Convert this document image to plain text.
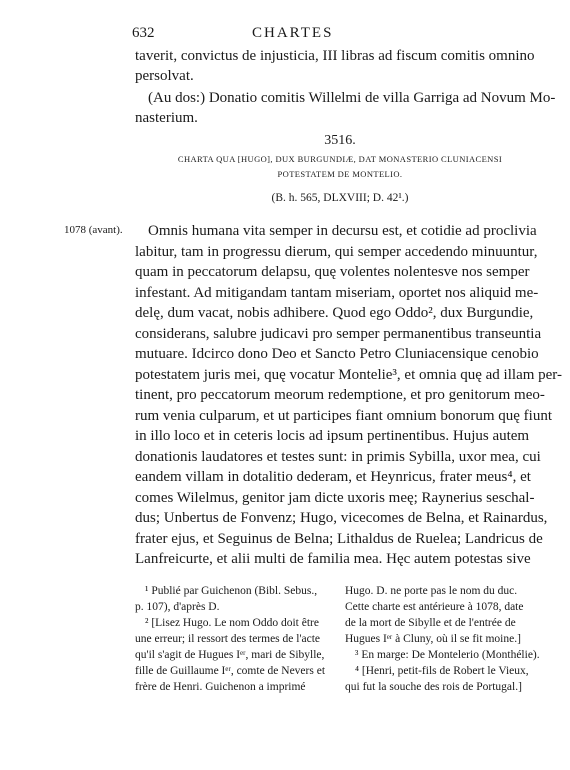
632	CHARTES
taverit, convictus de injusticia, III libras ad fiscum comitis omnino
persolvat.
(Au dos:) Donatio comitis Willelmi de villa Garriga ad Novum Mo-
nasterium.
3516.
CHARTA QUA [HUGO], DUX BURGUNDIÆ, DAT MONASTERIO CLUNIACENSI
POTESTATEM DE MONTELIO.
(B. h. 565, DLXVIII; D. 42¹.)
1078 (avant). Omnis humana vita semper in decursu est, et cotidie ad proclivia
labitur, tam in progressu dierum, qui semper accedendo minuuntur,
quam in peccatorum delapsu, quę volentes nolentesve nos semper
infestant. Ad mitigandam tantam miseriam, oportet nos aliquid me-
delę, dum vacat, nobis adhibere. Quod ego Oddo², dux Burgundie,
considerans, salubre judicavi pro semper permanentibus transeuntia
mutuare. Idcirco dono Deo et Sancto Petro Cluniacensique cenobio
potestatem juris mei, quę vocatur Montelie³, et omnia quę ad illam per-
tinent, pro peccatorum meorum redemptione, et pro genitorum meo-
rum venia culparum, et ut participes fiant omnium bonorum quę fiunt
in illo loco et in ceteris locis ad ipsum pertinentibus. Hujus autem
donationis laudatores et testes sunt: in primis Sybilla, uxor mea, cui
eandem villam in dotalitio dederam, et Heynricus, frater meus⁴, et
comes Wilelmus, genitor jam dicte uxoris meę; Raynerius seschal-
dus; Unbertus de Fonvenz; Hugo, vicecomes de Belna, et Rainardus,
frater ejus, et Seguinus de Belna; Lithaldus de Ruelea; Landricus de
Lanfreicurte, et alii multi de familia mea. Hęc autem potestas sive
¹ Publié par Guichenon (Bibl. Sebus.,
p. 107), d'après D.
² [Lisez Hugo. Le nom Oddo doit être
une erreur; il ressort des termes de l'acte
qu'il s'agit de Hugues Iᵉʳ, mari de Sibylle,
fille de Guillaume Iᵉʳ, comte de Nevers et
frère de Henri. Guichenon a imprimé
Hugo. D. ne porte pas le nom du duc.
Cette charte est antérieure à 1078, date
de la mort de Sibylle et de l'entrée de
Hugues Iᵉʳ à Cluny, où il se fit moine.]
³ En marge: De Montelerio (Monthélie).
⁴ [Henri, petit-fils de Robert le Vieux,
qui fut la souche des rois de Portugal.]
